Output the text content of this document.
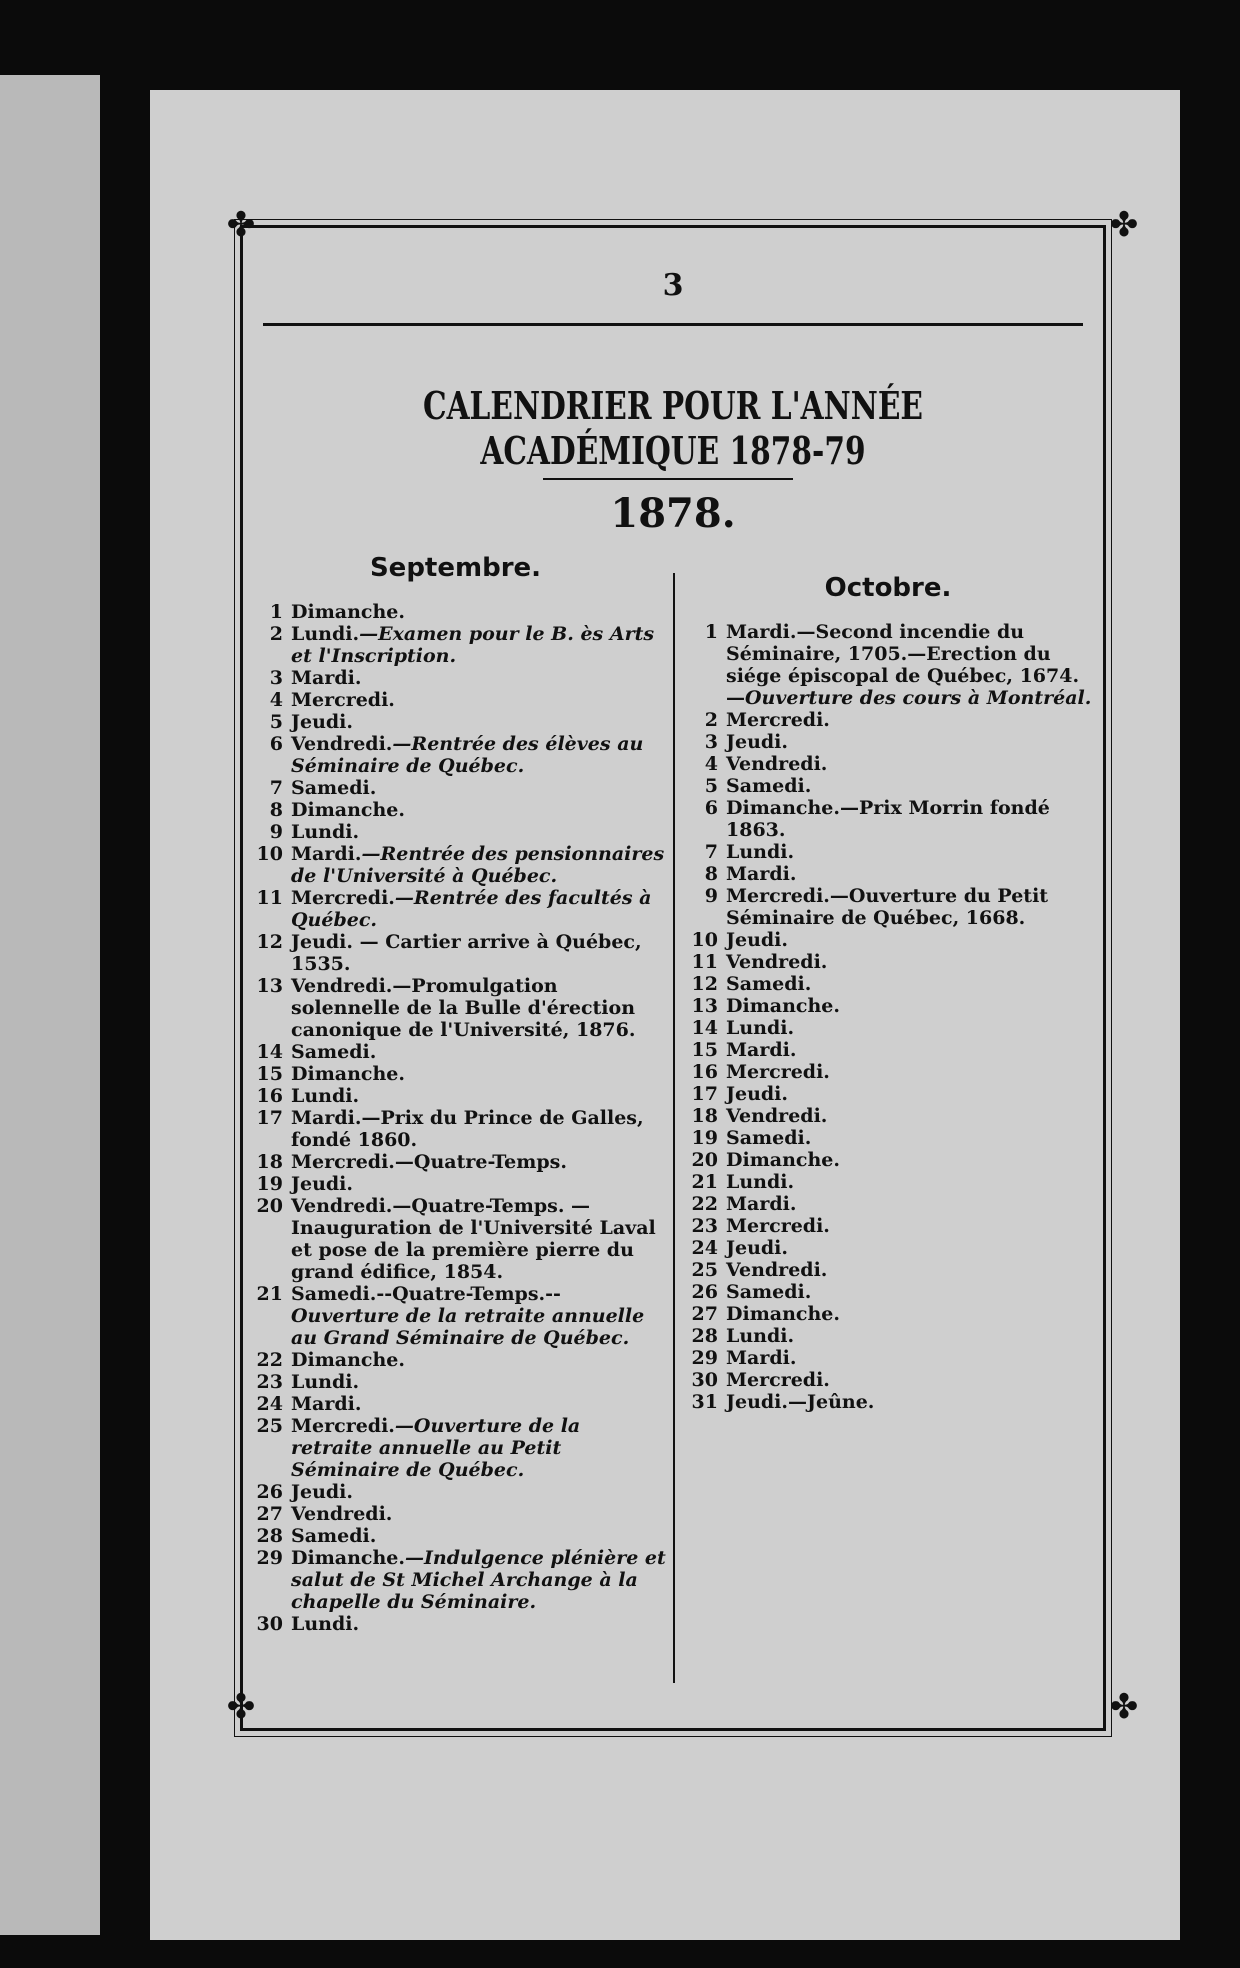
3
CALENDRIER POUR L'ANNÉE ACADÉMIQUE 1878-79
1878.
Septembre.
1 Dimanche.
2 Lundi.—Examen pour le B. ès Arts et l'Inscription.
3 Mardi.
4 Mercredi.
5 Jeudi.
6 Vendredi.—Rentrée des élèves au Séminaire de Québec.
7 Samedi.
8 Dimanche.
9 Lundi.
10 Mardi.—Rentrée des pensionnaires de l'Université à Québec.
11 Mercredi.—Rentrée des facultés à Québec.
12 Jeudi. — Cartier arrive à Québec, 1535.
13 Vendredi.—Promulgation solennelle de la Bulle d'érection canonique de l'Université, 1876.
14 Samedi.
15 Dimanche.
16 Lundi.
17 Mardi.—Prix du Prince de Galles, fondé 1860.
18 Mercredi.—Quatre-Temps.
19 Jeudi.
20 Vendredi.—Quatre-Temps. — Inauguration de l'Université Laval et pose de la première pierre du grand édifice, 1854.
21 Samedi.--Quatre-Temps.--Ouverture de la retraite annuelle au Grand Séminaire de Québec.
22 Dimanche.
23 Lundi.
24 Mardi.
25 Mercredi.—Ouverture de la retraite annuelle au Petit Séminaire de Québec.
26 Jeudi.
27 Vendredi.
28 Samedi.
29 Dimanche.—Indulgence plénière et salut de St Michel Archange à la chapelle du Séminaire.
30 Lundi.
Octobre.
1 Mardi.—Second incendie du Séminaire, 1705.—Erection du siége épiscopal de Québec, 1674.—Ouverture des cours à Montréal.
2 Mercredi.
3 Jeudi.
4 Vendredi.
5 Samedi.
6 Dimanche.—Prix Morrin fondé 1863.
7 Lundi.
8 Mardi.
9 Mercredi.—Ouverture du Petit Séminaire de Québec, 1668.
10 Jeudi.
11 Vendredi.
12 Samedi.
13 Dimanche.
14 Lundi.
15 Mardi.
16 Mercredi.
17 Jeudi.
18 Vendredi.
19 Samedi.
20 Dimanche.
21 Lundi.
22 Mardi.
23 Mercredi.
24 Jeudi.
25 Vendredi.
26 Samedi.
27 Dimanche.
28 Lundi.
29 Mardi.
30 Mercredi.
31 Jeudi.—Jeûne.
✤	✤
✤	✤
